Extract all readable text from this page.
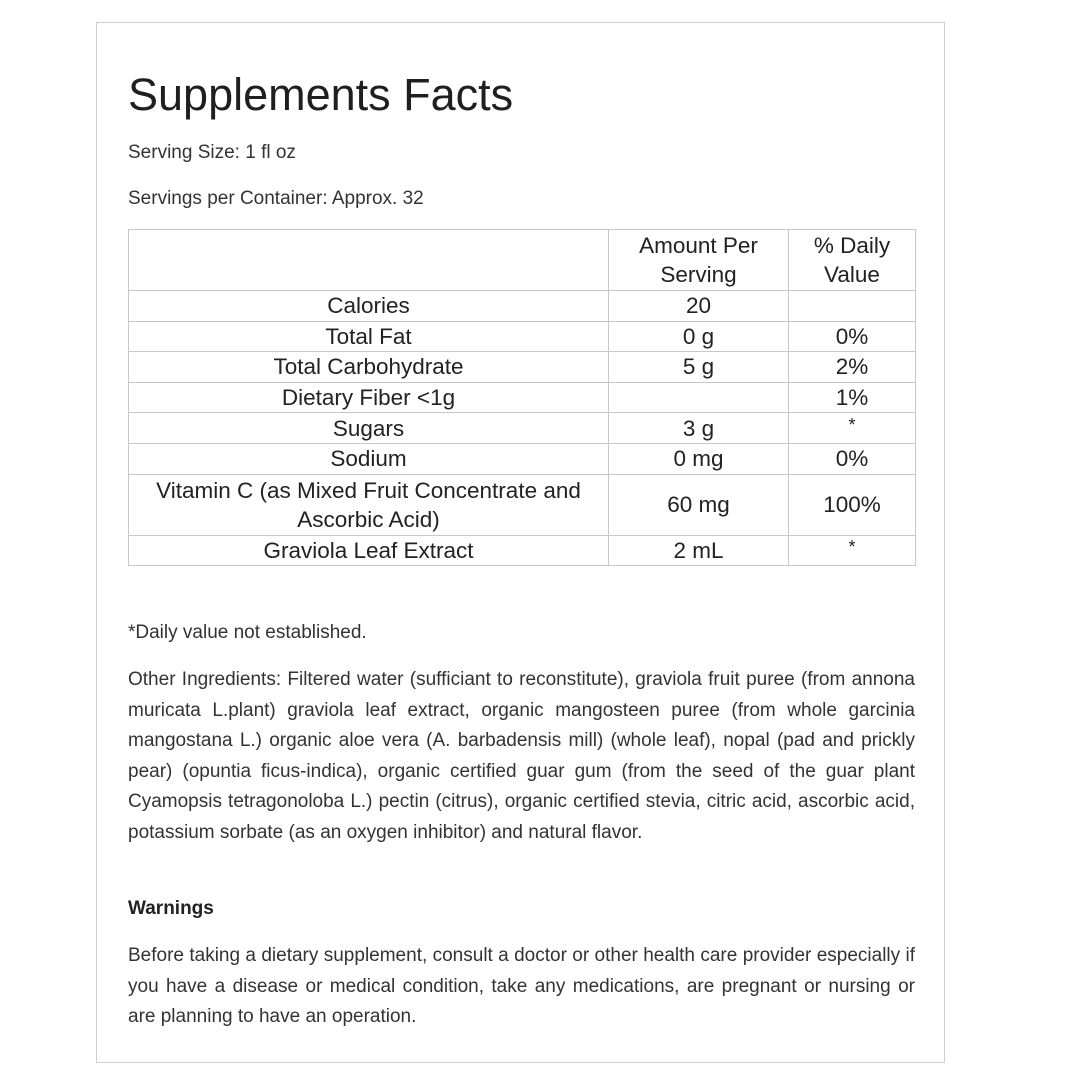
Supplements Facts
Serving Size: 1 fl oz
Servings per Container: Approx. 32
	Amount Per Serving	% Daily Value
Calories	20	
Total Fat	0 g	0%
Total Carbohydrate	5 g	2%
Dietary Fiber <1g		1%
Sugars	3 g	*
Sodium	0 mg	0%
Vitamin C (as Mixed Fruit Concentrate and Ascorbic Acid)	60 mg	100%
Graviola Leaf Extract	2 mL	*
*Daily value not established.

Other Ingredients: Filtered water (sufficiant to reconstitute), graviola fruit puree (from annona muricata L.plant) graviola leaf extract, organic mangosteen puree (from whole garcinia mangostana L.) organic aloe vera (A. barbadensis mill) (whole leaf), nopal (pad and prickly pear) (opuntia ficus-indica), organic certified guar gum (from the seed of the guar plant Cyamopsis tetragonoloba L.) pectin (citrus), organic certified stevia, citric acid, ascorbic acid, potassium sorbate (as an oxygen inhibitor) and natural flavor.

Warnings

Before taking a dietary supplement, consult a doctor or other health care provider especially if you have a disease or medical condition, take any medications, are pregnant or nursing or are planning to have an operation.
